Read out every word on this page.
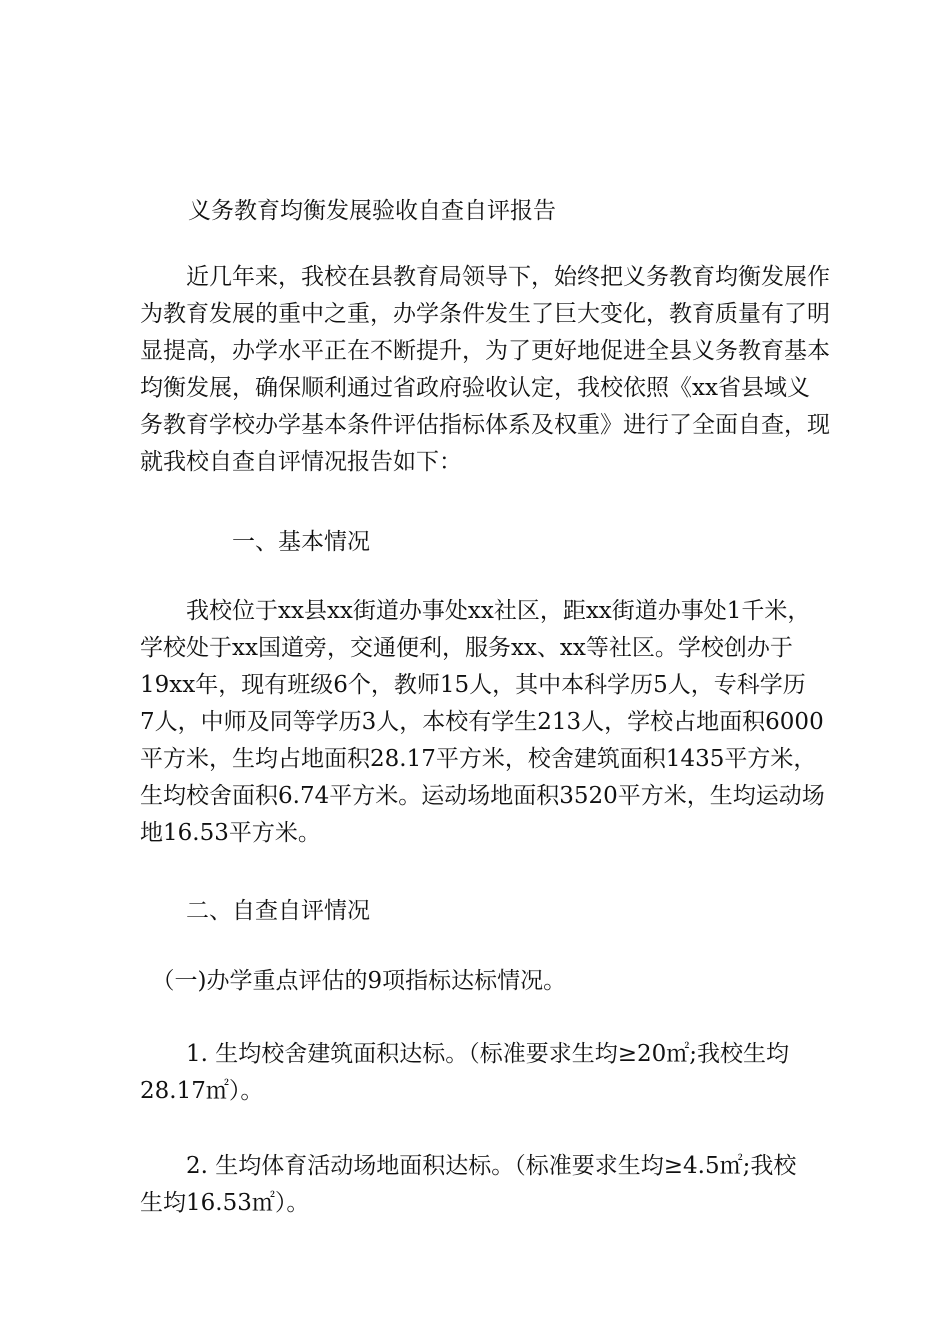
义务教育均衡发展验收自查自评报告

　　近几年来，我校在县教育局领导下，始终把义务教育均衡发展作
为教育发展的重中之重，办学条件发生了巨大变化，教育质量有了明
显提高，办学水平正在不断提升，为了更好地促进全县义务教育基本
均衡发展，确保顺利通过省政府验收认定，我校依照《xx省县域义
务教育学校办学基本条件评估指标体系及权重》进行了全面自查，现
就我校自查自评情况报告如下：

一、基本情况

　　我校位于xx县xx街道办事处xx社区，距xx街道办事处1千米，
学校处于xx国道旁，交通便利，服务xx、xx等社区。学校创办于
19xx年，现有班级6个，教师15人，其中本科学历5人，专科学历
7人，中师及同等学历3人，本校有学生213人，学校占地面积6000
平方米，生均占地面积28.17平方米，校舍建筑面积1435平方米，
生均校舍面积6.74平方米。运动场地面积3520平方米，生均运动场
地16.53平方米。

　　二、自查自评情况

　（一)办学重点评估的9项指标达标情况。

　　1. 生均校舍建筑面积达标。（标准要求生均≥20㎡;我校生均
28.17㎡）。
　　2. 生均体育活动场地面积达标。（标准要求生均≥4.5㎡;我校
生均16.53㎡）。
